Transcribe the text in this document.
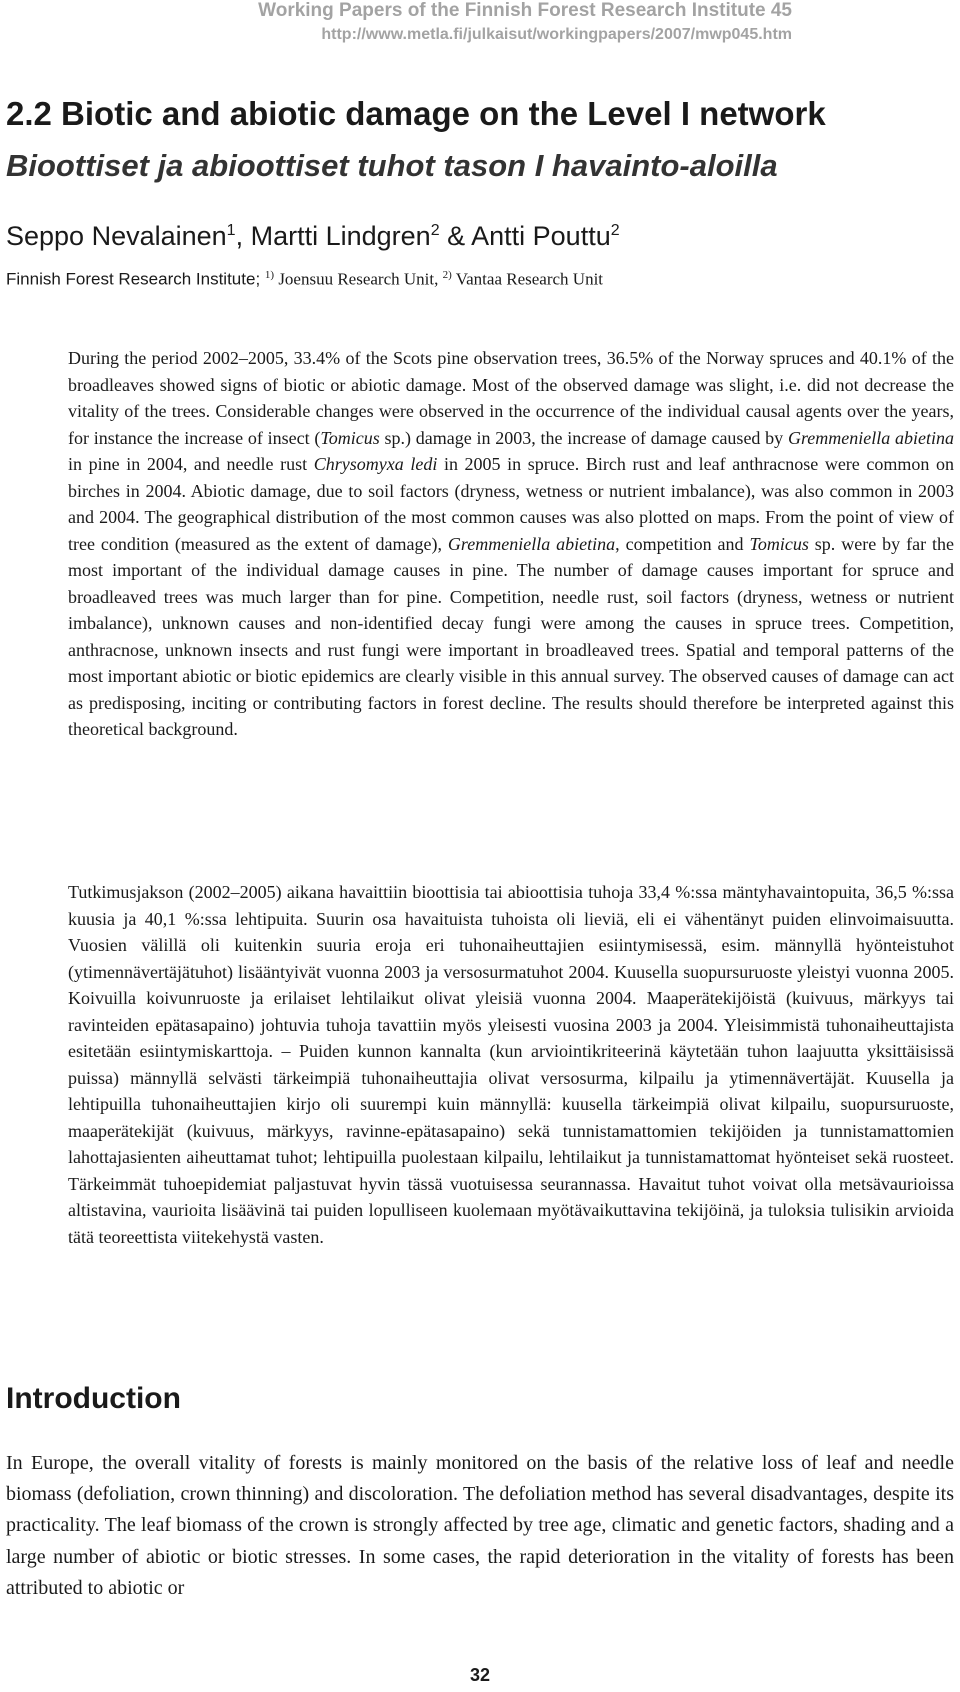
Working Papers of the Finnish Forest Research Institute 45
http://www.metla.fi/julkaisut/workingpapers/2007/mwp045.htm
2.2 Biotic and abiotic damage on the Level I network
Bioottiset ja abioottiset tuhot tason I havainto-aloilla
Seppo Nevalainen$^1$, Martti Lindgren$^2$ & Antti Pouttu$^2$
Finnish Forest Research Institute; $^{1)}$ Joensuu Research Unit, $^{2)}$ Vantaa Research Unit

During the period 2002–2005, 33.4% of the Scots pine observation trees, 36.5% of the Norway spruces and 40.1% of the broadleaves showed signs of biotic or abiotic damage. Most of the observed damage was slight, i.e. did not decrease the vitality of the trees. Considerable changes were observed in the occurrence of the individual causal agents over the years, for instance the increase of insect (Tomicus sp.) damage in 2003, the increase of damage caused by Gremmeniella abietina in pine in 2004, and needle rust Chrysomyxa ledi in 2005 in spruce. Birch rust and leaf anthracnose were common on birches in 2004. Abiotic damage, due to soil factors (dryness, wetness or nutrient imbalance), was also common in 2003 and 2004. The geographical distribution of the most common causes was also plotted on maps. From the point of view of tree condition (measured as the extent of damage), Gremmeniella abietina, competition and Tomicus sp. were by far the most important of the individual damage causes in pine. The number of damage causes important for spruce and broadleaved trees was much larger than for pine. Competition, needle rust, soil factors (dryness, wetness or nutrient imbalance), unknown causes and non-identified decay fungi were among the causes in spruce trees. Competition, anthracnose, unknown insects and rust fungi were important in broadleaved trees. Spatial and temporal patterns of the most important abiotic or biotic epidemics are clearly visible in this annual survey. The observed causes of damage can act as predisposing, inciting or contributing factors in forest decline. The results should therefore be interpreted against this theoretical background.

Tutkimusjakson (2002–2005) aikana havaittiin bioottisia tai abioottisia tuhoja 33,4 %:ssa mäntyhavaintopuita, 36,5 %:ssa kuusia ja 40,1 %:ssa lehtipuita. Suurin osa havaituista tuhoista oli lieviä, eli ei vähentänyt puiden elinvoimaisuutta. Vuosien välillä oli kuitenkin suuria eroja eri tuhonaiheuttajien esiintymisessä, esim. männyllä hyönteistuhot (ytimennävertäjätuhot) lisääntyivät vuonna 2003 ja versosurmatuhot 2004. Kuusella suopursuruoste yleistyi vuonna 2005. Koivuilla koivunruoste ja erilaiset lehtilaikut olivat yleisiä vuonna 2004. Maaperätekijöistä (kuivuus, märkyys tai ravinteiden epätasapaino) johtuvia tuhoja tavattiin myös yleisesti vuosina 2003 ja 2004. Yleisimmistä tuhonaiheuttajista esitetään esiintymiskarttoja. – Puiden kunnon kannalta (kun arviointikriteerinä käytetään tuhon laajuutta yksittäisissä puissa) männyllä selvästi tärkeimpiä tuhonaiheuttajia olivat versosurma, kilpailu ja ytimennävertäjät. Kuusella ja lehtipuilla tuhonaiheuttajien kirjo oli suurempi kuin männyllä: kuusella tärkeimpiä olivat kilpailu, suopursuruoste, maaperätekijät (kuivuus, märkyys, ravinne-epätasapaino) sekä tunnistamattomien tekijöiden ja tunnistamattomien lahottajasienten aiheuttamat tuhot; lehtipuilla puolestaan kilpailu, lehtilaikut ja tunnistamattomat hyönteiset sekä ruosteet. Tärkeimmät tuhoepidemiat paljastuvat hyvin tässä vuotuisessa seurannassa. Havaitut tuhot voivat olla metsävaurioissa altistavina, vaurioita lisäävinä tai puiden lopulliseen kuolemaan myötävaikuttavina tekijöinä, ja tuloksia tulisikin arvioida tätä teoreettista viitekehystä vasten.

Introduction

In Europe, the overall vitality of forests is mainly monitored on the basis of the relative loss of leaf and needle biomass (defoliation, crown thinning) and discoloration. The defoliation method has several disadvantages, despite its practicality. The leaf biomass of the crown is strongly affected by tree age, climatic and genetic factors, shading and a large number of abiotic or biotic stresses. In some cases, the rapid deterioration in the vitality of forests has been attributed to abiotic or

32
